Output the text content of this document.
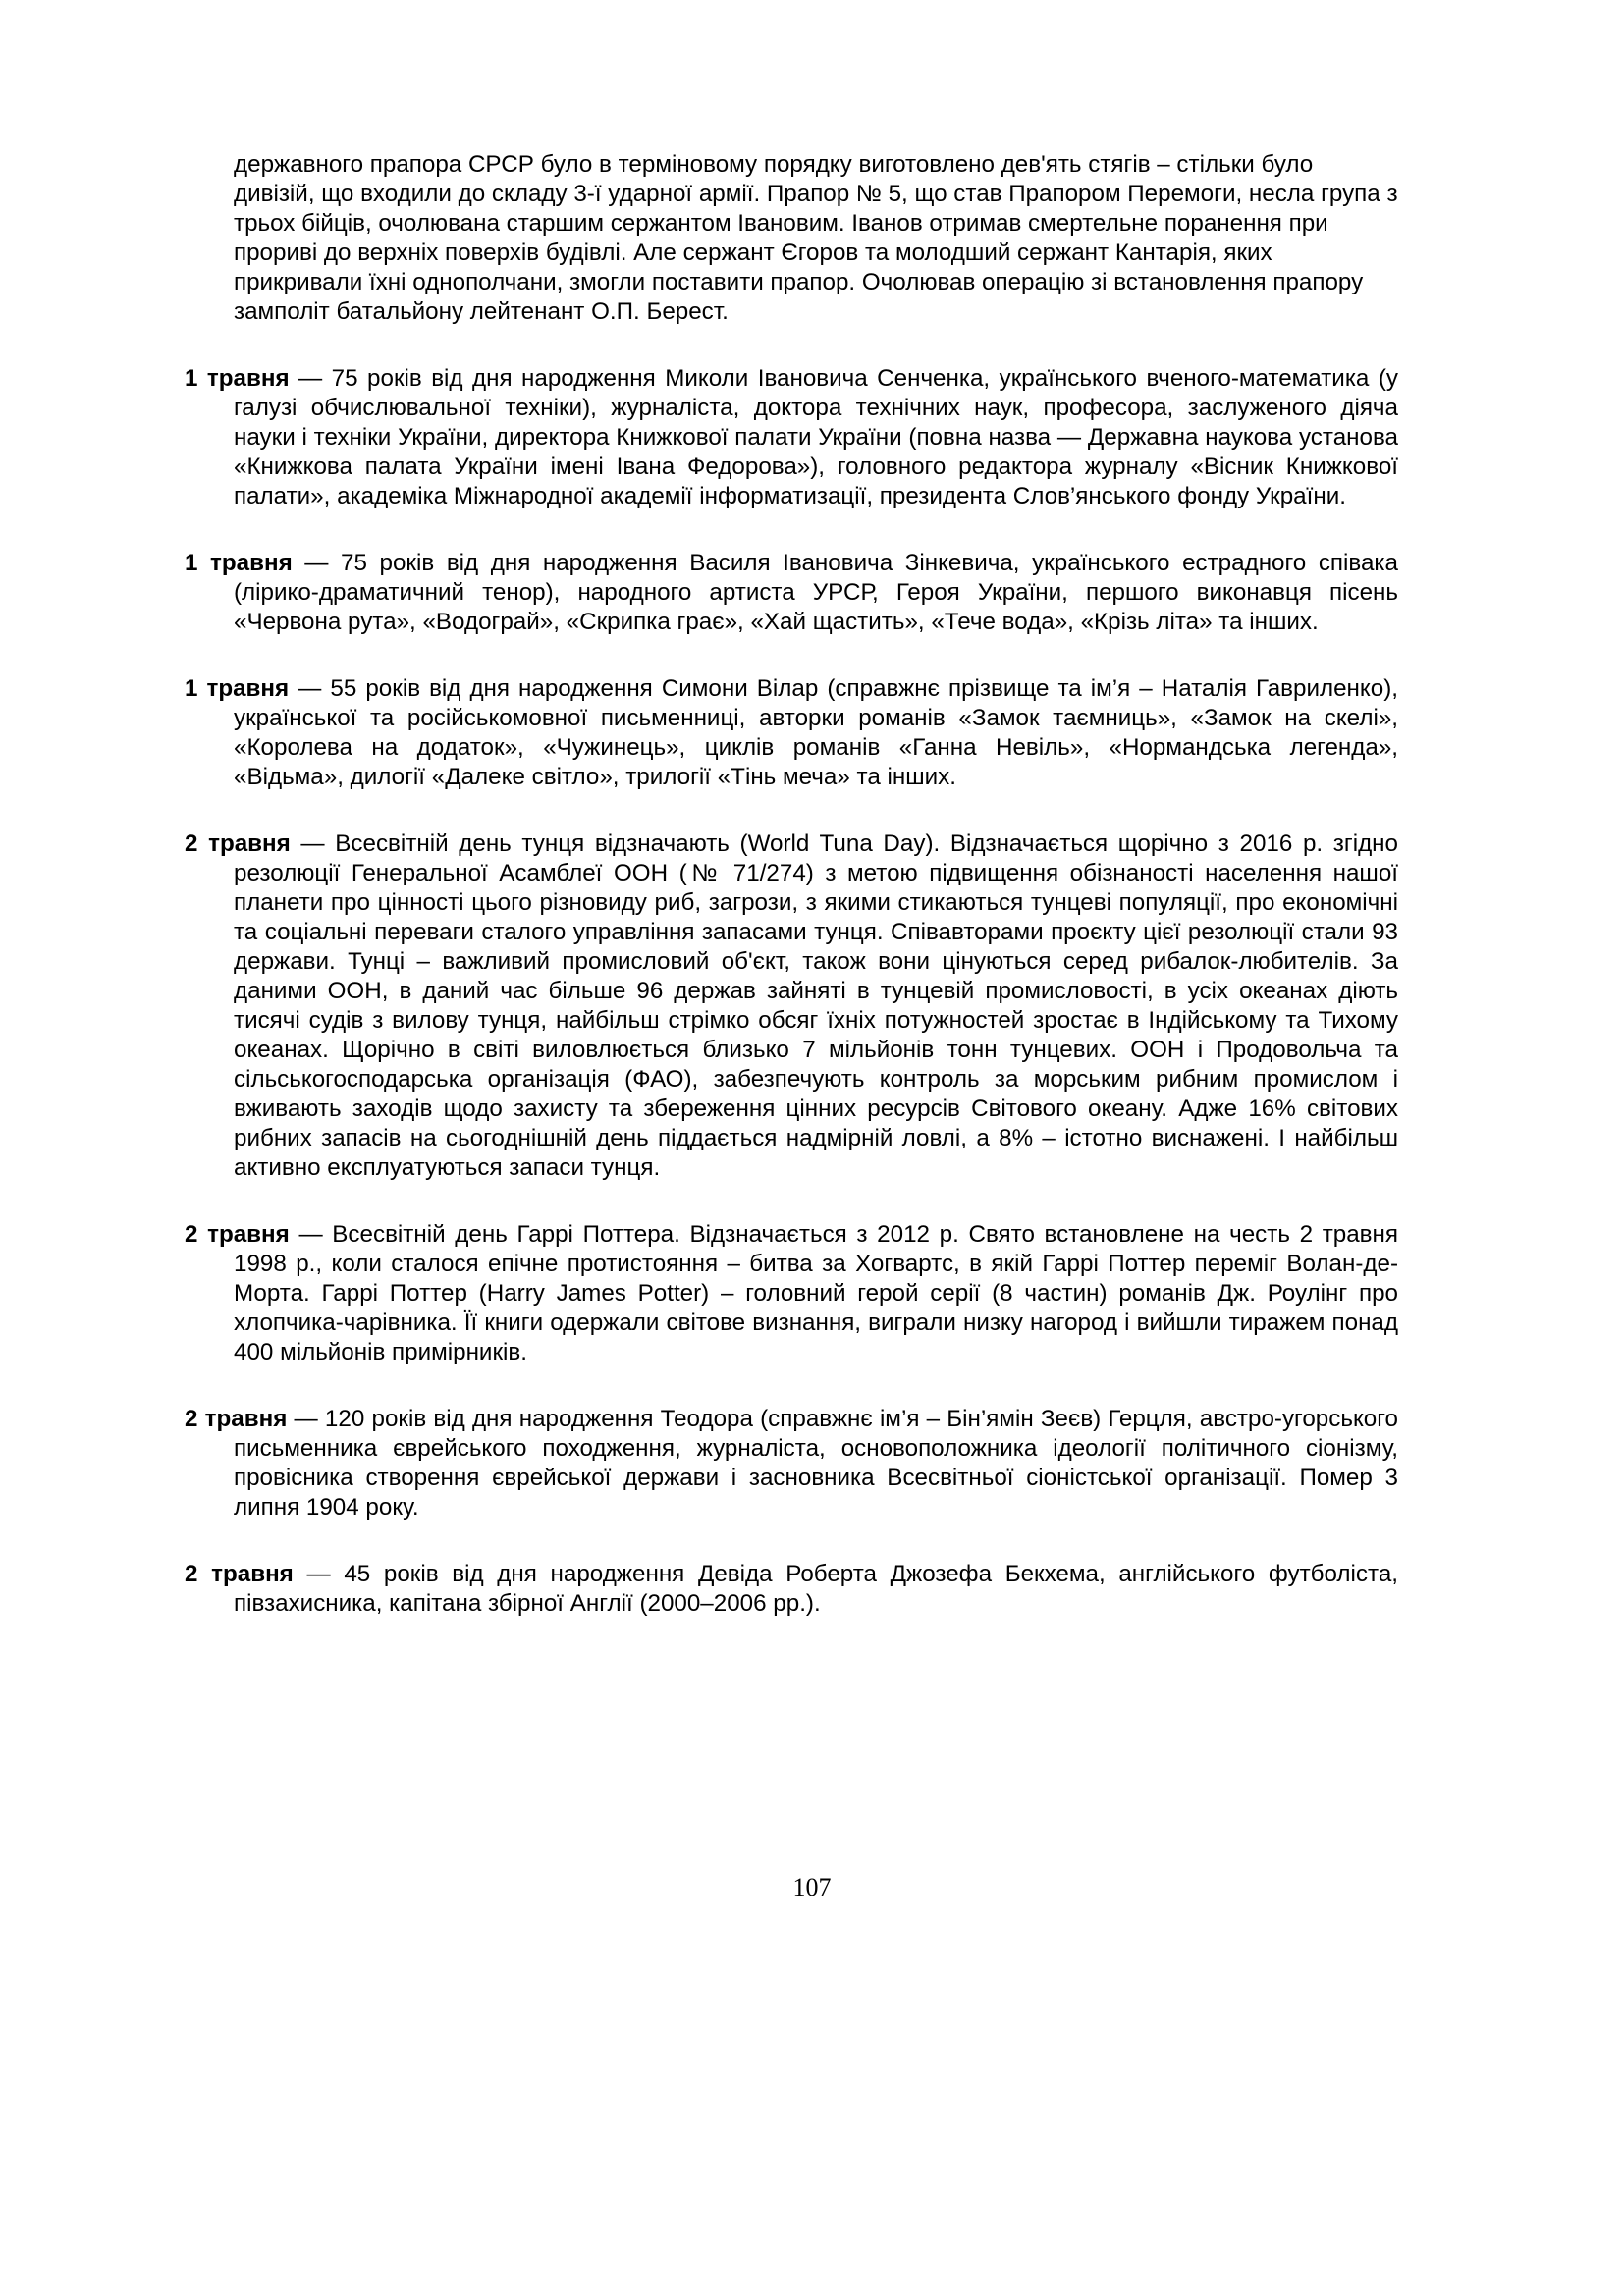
державного прапора СРСР було в терміновому порядку виготовлено дев'ять стягів – стільки було дивізій, що входили до складу 3-ї ударної армії. Прапор № 5, що став Прапором Перемоги, несла група з трьох бійців, очолювана старшим сержантом Івановим. Іванов отримав смертельне поранення при прориві до верхніх поверхів будівлі. Але сержант Єгоров та молодший сержант Кантарія, яких прикривали їхні однополчани, змогли поставити прапор. Очолював операцію зі встановлення прапору замполіт батальйону лейтенант О.П. Берест.

1 травня — 75 років від дня народження Миколи Івановича Сенченка, українського вченого-математика (у галузі обчислювальної техніки), журналіста, доктора технічних наук, професора, заслуженого діяча науки і техніки України, директора Книжкової палати України (повна назва — Державна наукова установа «Книжкова палата України імені Івана Федорова»), головного редактора журналу «Вісник Книжкової палати», академіка Міжнародної академії інформатизації, президента Слов’янського фонду України.

1 травня — 75 років від дня народження Василя Івановича Зінкевича, українського естрадного співака (лірико-драматичний тенор), народного артиста УРСР, Героя України, першого виконавця пісень «Червона рута», «Водограй», «Скрипка грає», «Хай щастить», «Тече вода», «Крізь літа» та інших.

1 травня — 55 років від дня народження Симони Вілар (справжнє прізвище та ім’я – Наталія Гавриленко), української та російськомовної письменниці, авторки романів «Замок таємниць», «Замок на скелі», «Королева на додаток», «Чужинець», циклів романів «Ганна Невіль», «Нормандська легенда», «Відьма», дилогії «Далеке світло», трилогії «Тінь меча» та інших.

2 травня — Всесвітній день тунця відзначають (World Tuna Day). Відзначається щорічно з 2016 р. згідно резолюції Генеральної Асамблеї ООН (№ 71/274) з метою підвищення обізнаності населення нашої планети про цінності цього різновиду риб, загрози, з якими стикаються тунцеві популяції, про економічні та соціальні переваги сталого управління запасами тунця. Співавторами проєкту цієї резолюції стали 93 держави. Тунці – важливий промисловий об'єкт, також вони цінуються серед рибалок-любителів. За даними ООН, в даний час більше 96 держав зайняті в тунцевій промисловості, в усіх океанах діють тисячі судів з вилову тунця, найбільш стрімко обсяг їхніх потужностей зростає в Індійському та Тихому океанах. Щорічно в світі виловлюється близько 7 мільйонів тонн тунцевих. ООН і Продовольча та сільськогосподарська організація (ФАО), забезпечують контроль за морським рибним промислом і вживають заходів щодо захисту та збереження цінних ресурсів Світового океану. Адже 16% світових рибних запасів на сьогоднішній день піддається надмірній ловлі, а 8% – істотно виснажені. І найбільш активно експлуатуються запаси тунця.

2 травня — Всесвітній день Гаррі Поттера. Відзначається з 2012 р. Свято встановлене на честь 2 травня 1998 р., коли сталося епічне протистояння – битва за Хогвартс, в якій Гаррі Поттер переміг Волан-де-Морта. Гаррі Поттер (Harry James Potter) – головний герой серії (8 частин) романів Дж. Роулінг про хлопчика-чарівника. Її книги одержали світове визнання, виграли низку нагород і вийшли тиражем понад 400 мільйонів примірників.

2 травня — 120 років від дня народження Теодора (справжнє ім’я – Бін’ямін Зеєв) Герцля, австро-угорського письменника єврейського походження, журналіста, основоположника ідеології політичного сіонізму, провісника створення єврейської держави і засновника Всесвітньої сіоністської організації. Помер 3 липня 1904 року.

2 травня — 45 років від дня народження Девіда Роберта Джозефа Бекхема, англійського футболіста, півзахисника, капітана збірної Англії (2000–2006 рр.).

107
